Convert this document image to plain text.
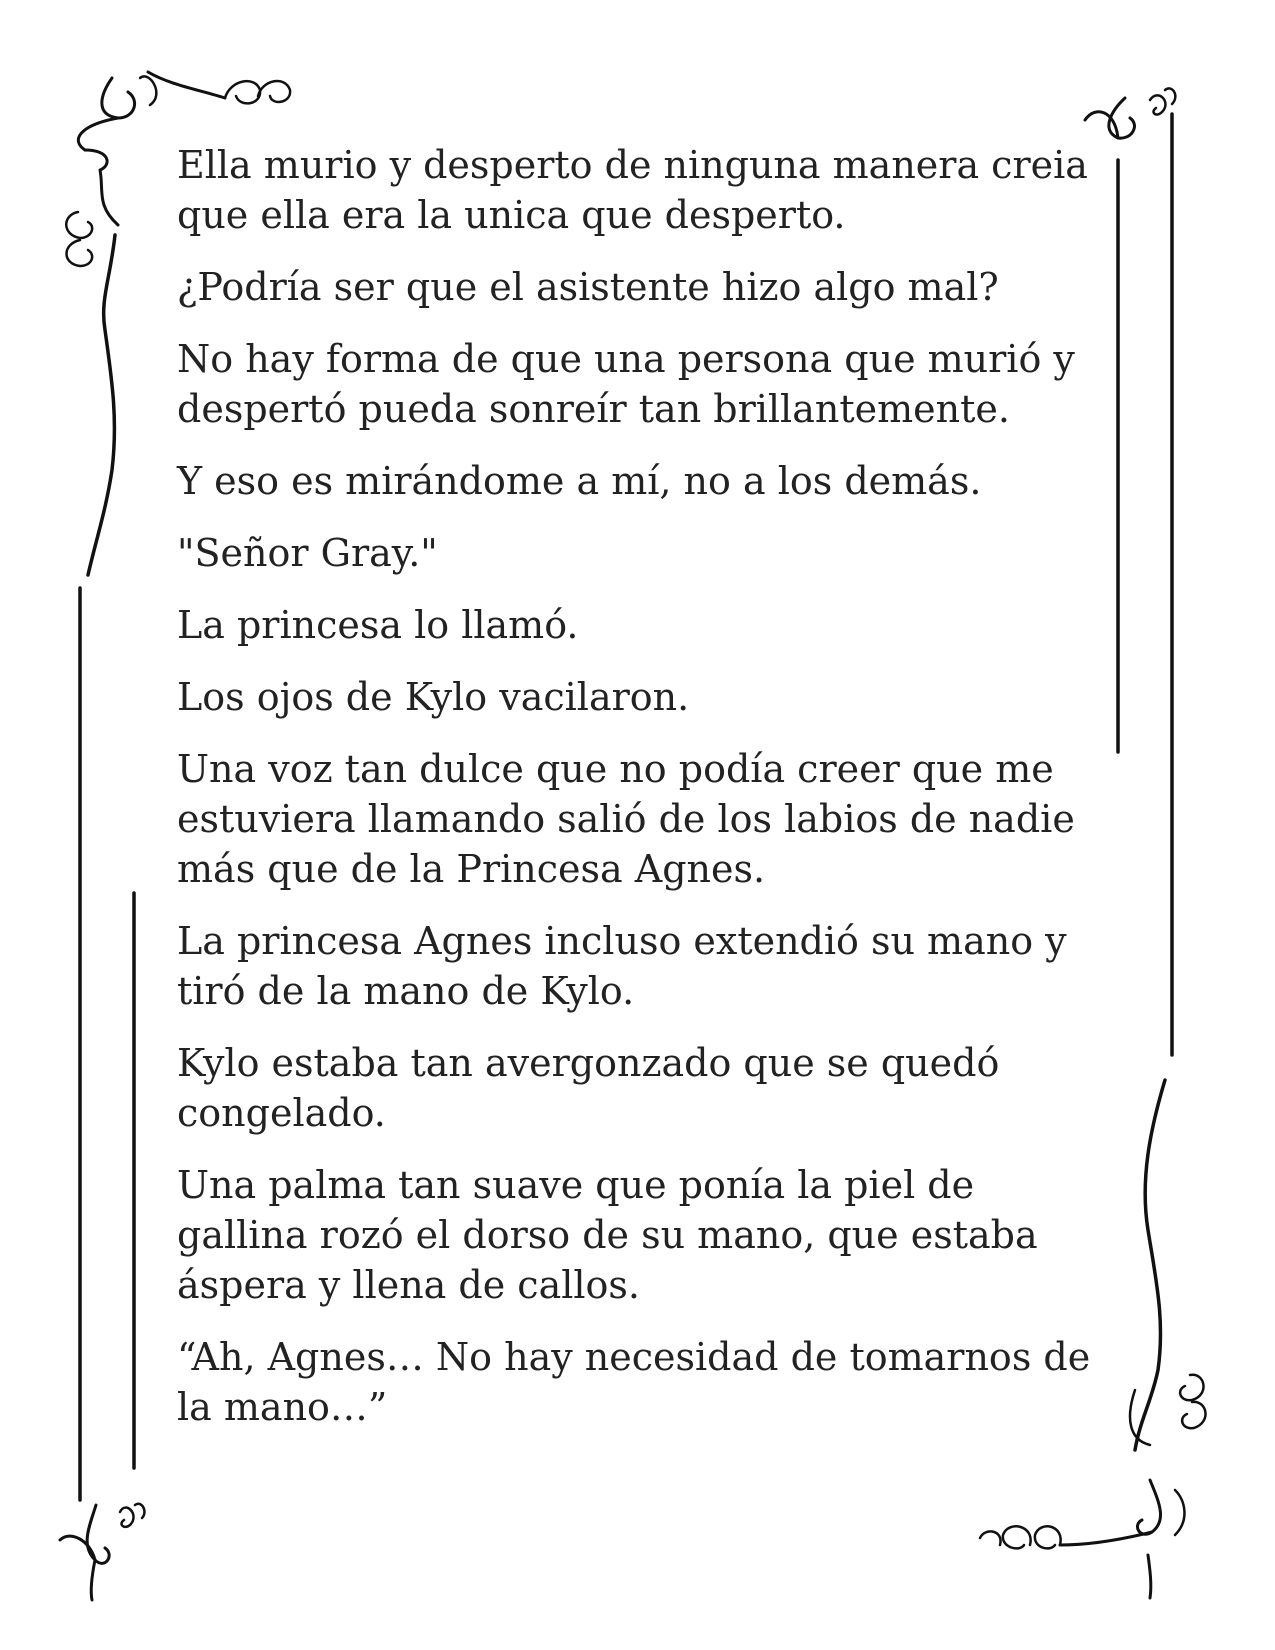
Ella murio y desperto de ninguna manera creia que ella era la unica que desperto.

¿Podría ser que el asistente hizo algo mal?

No hay forma de que una persona que murió y despertó pueda sonreír tan brillantemente.

Y eso es mirándome a mí, no a los demás.

"Señor Gray."

La princesa lo llamó.

Los ojos de Kylo vacilaron.

Una voz tan dulce que no podía creer que me estuviera llamando salió de los labios de nadie más que de la Princesa Agnes.

La princesa Agnes incluso extendió su mano y tiró de la mano de Kylo.

Kylo estaba tan avergonzado que se quedó congelado.

Una palma tan suave que ponía la piel de gallina rozó el dorso de su mano, que estaba áspera y llena de callos.

“Ah, Agnes… No hay necesidad de tomarnos de la mano…”
